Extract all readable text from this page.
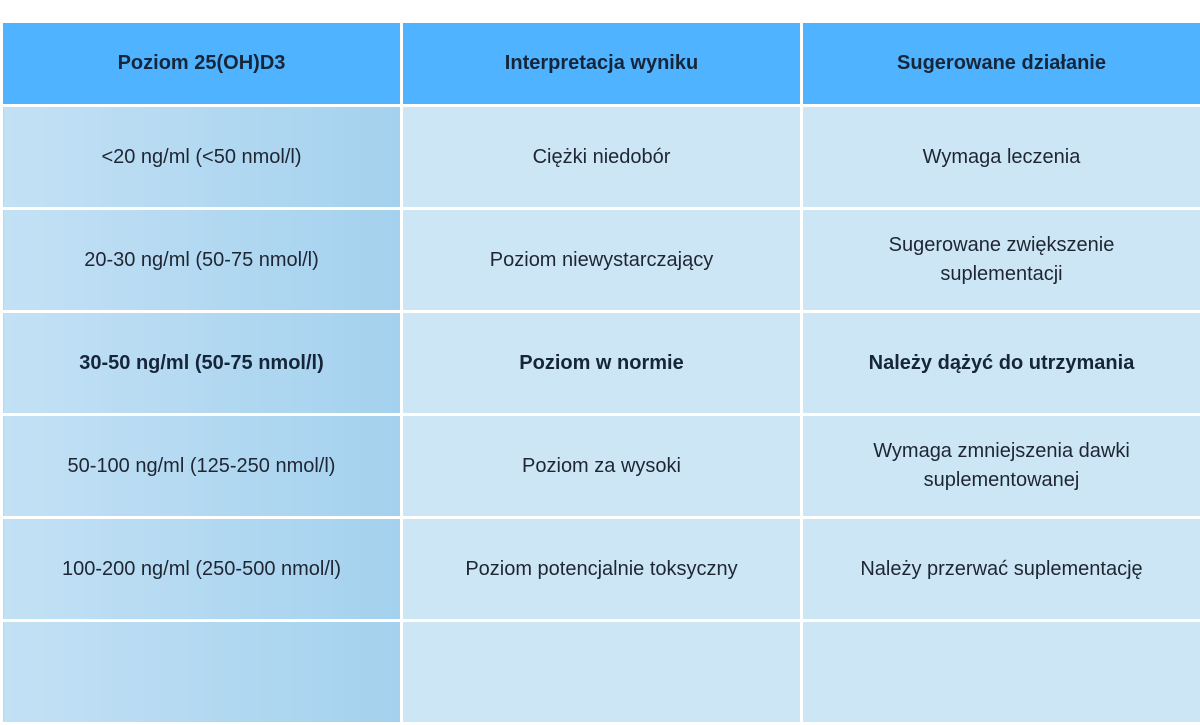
Poziom 25(OH)D3	Interpretacja wyniku	Sugerowane działanie
<20 ng/ml (<50 nmol/l)	Ciężki niedobór	Wymaga leczenia
20-30 ng/ml (50-75 nmol/l)	Poziom niewystarczający	Sugerowane zwiększenie suplementacji
30-50 ng/ml (50-75 nmol/l)	Poziom w normie	Należy dążyć do utrzymania
50-100 ng/ml (125-250 nmol/l)	Poziom za wysoki	Wymaga zmniejszenia dawki suplementowanej
100-200 ng/ml (250-500 nmol/l)	Poziom potencjalnie toksyczny	Należy przerwać suplementację
